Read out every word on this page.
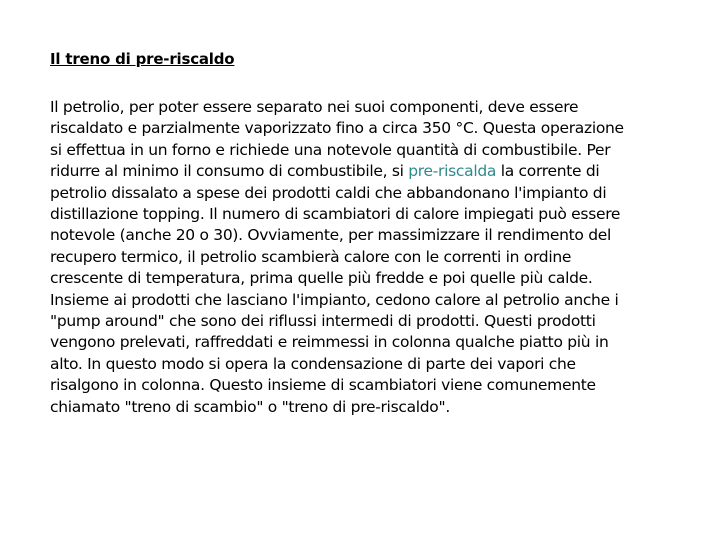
Il treno di pre-riscaldo
Il petrolio, per poter essere separato nei suoi componenti, deve essere
riscaldato e parzialmente vaporizzato fino a circa 350 °C. Questa operazione
si effettua in un forno e richiede una notevole quantità di combustibile. Per
ridurre al minimo il consumo di combustibile, si pre-riscalda la corrente di
petrolio dissalato a spese dei prodotti caldi che abbandonano l'impianto di
distillazione topping. Il numero di scambiatori di calore impiegati può essere
notevole (anche 20 o 30). Ovviamente, per massimizzare il rendimento del
recupero termico, il petrolio scambierà calore con le correnti in ordine
crescente di temperatura, prima quelle più fredde e poi quelle più calde.
Insieme ai prodotti che lasciano l'impianto, cedono calore al petrolio anche i
"pump around" che sono dei riflussi intermedi di prodotti. Questi prodotti
vengono prelevati, raffreddati e reimmessi in colonna qualche piatto più in
alto. In questo modo si opera la condensazione di parte dei vapori che
risalgono in colonna. Questo insieme di scambiatori viene comunemente
chiamato "treno di scambio" o "treno di pre-riscaldo".
